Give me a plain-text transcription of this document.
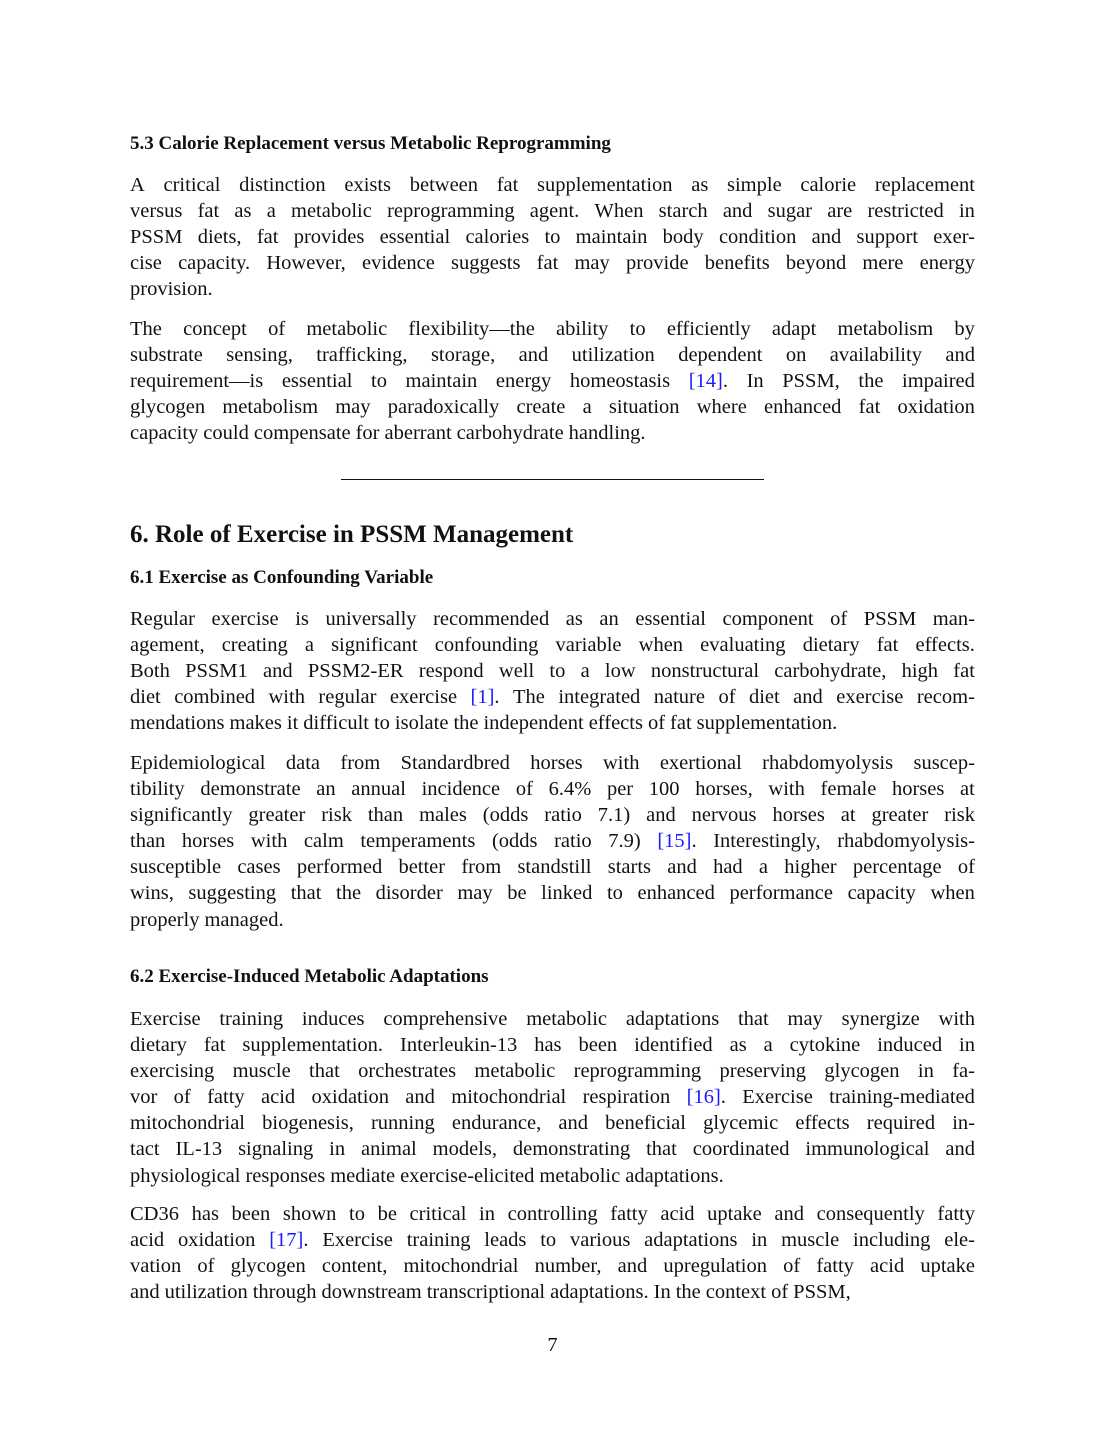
5.3 Calorie Replacement versus Metabolic Reprogramming
A critical distinction exists between fat supplementation as simple calorie replacement
versus fat as a metabolic reprogramming agent. When starch and sugar are restricted in
PSSM diets, fat provides essential calories to maintain body condition and support exer-
cise capacity. However, evidence suggests fat may provide benefits beyond mere energy
provision.
The concept of metabolic flexibility—the ability to efficiently adapt metabolism by
substrate sensing, trafficking, storage, and utilization dependent on availability and
requirement—is essential to maintain energy homeostasis [14]. In PSSM, the impaired
glycogen metabolism may paradoxically create a situation where enhanced fat oxidation
capacity could compensate for aberrant carbohydrate handling.
6. Role of Exercise in PSSM Management
6.1 Exercise as Confounding Variable
Regular exercise is universally recommended as an essential component of PSSM man-
agement, creating a significant confounding variable when evaluating dietary fat effects.
Both PSSM1 and PSSM2-ER respond well to a low nonstructural carbohydrate, high fat
diet combined with regular exercise [1]. The integrated nature of diet and exercise recom-
mendations makes it difficult to isolate the independent effects of fat supplementation.
Epidemiological data from Standardbred horses with exertional rhabdomyolysis suscep-
tibility demonstrate an annual incidence of 6.4% per 100 horses, with female horses at
significantly greater risk than males (odds ratio 7.1) and nervous horses at greater risk
than horses with calm temperaments (odds ratio 7.9) [15]. Interestingly, rhabdomyolysis-
susceptible cases performed better from standstill starts and had a higher percentage of
wins, suggesting that the disorder may be linked to enhanced performance capacity when
properly managed.
6.2 Exercise-Induced Metabolic Adaptations
Exercise training induces comprehensive metabolic adaptations that may synergize with
dietary fat supplementation. Interleukin-13 has been identified as a cytokine induced in
exercising muscle that orchestrates metabolic reprogramming preserving glycogen in fa-
vor of fatty acid oxidation and mitochondrial respiration [16]. Exercise training-mediated
mitochondrial biogenesis, running endurance, and beneficial glycemic effects required in-
tact IL-13 signaling in animal models, demonstrating that coordinated immunological and
physiological responses mediate exercise-elicited metabolic adaptations.
CD36 has been shown to be critical in controlling fatty acid uptake and consequently fatty
acid oxidation [17]. Exercise training leads to various adaptations in muscle including ele-
vation of glycogen content, mitochondrial number, and upregulation of fatty acid uptake
and utilization through downstream transcriptional adaptations. In the context of PSSM,
7
